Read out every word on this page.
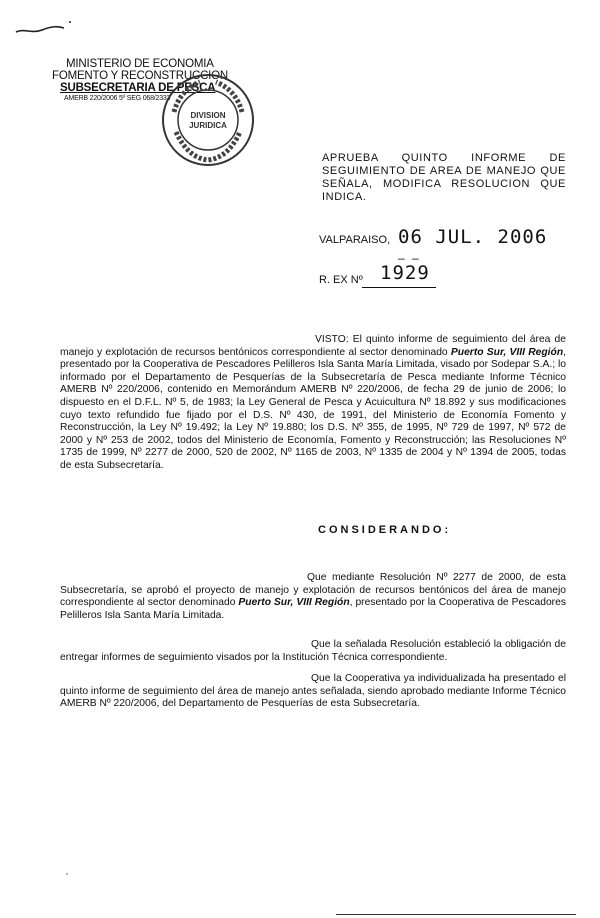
MINISTERIO DE ECONOMIA
FOMENTO Y RECONSTRUCCION
SUBSECRETARIA DE PESCA
AMERB 220/2006 5º SEG 068/2333
DIVISION
JURIDICA
APRUEBA QUINTO INFORME DE
SEGUIMIENTO DE AREA DE MANEJO QUE
SEÑALA, MODIFICA RESOLUCION QUE
INDICA.
VALPARAISO, 06 JUL. 2006
– –
R. EX Nº 1929
VISTO: El quinto informe de seguimiento del área de manejo y explotación de recursos bentónicos correspondiente al sector denominado Puerto Sur, VIII Región, presentado por la Cooperativa de Pescadores Pelilleros Isla Santa María Limitada, visado por Sodepar S.A.; lo informado por el Departamento de Pesquerías de la Subsecretaría de Pesca mediante Informe Técnico AMERB Nº 220/2006, contenido en Memorándum AMERB Nº 220/2006, de fecha 29 de junio de 2006; lo dispuesto en el D.F.L. Nº 5, de 1983; la Ley General de Pesca y Acuicultura Nº 18.892 y sus modificaciones cuyo texto refundido fue fijado por el D.S. Nº 430, de 1991, del Ministerio de Economía Fomento y Reconstrucción, la Ley Nº 19.492; la Ley Nº 19.880; los D.S. Nº 355, de 1995, Nº 729 de 1997, Nº 572 de 2000 y Nº 253 de 2002, todos del Ministerio de Economía, Fomento y Reconstrucción; las Resoluciones Nº 1735 de 1999, Nº 2277 de 2000, 520 de 2002, Nº 1165 de 2003, Nº 1335 de 2004 y Nº 1394 de 2005, todas de esta Subsecretaría.
CONSIDERANDO:
Que mediante Resolución Nº 2277 de 2000, de esta Subsecretaría, se aprobó el proyecto de manejo y explotación de recursos bentónicos del área de manejo correspondiente al sector denominado Puerto Sur, VIII Región, presentado por la Cooperativa de Pescadores Pelilleros Isla Santa María Limitada.
Que la señalada Resolución estableció la obligación de entregar informes de seguimiento visados por la Institución Técnica correspondiente.
Que la Cooperativa ya individualizada ha presentado el quinto informe de seguimiento del área de manejo antes señalada, siendo aprobado mediante Informe Técnico AMERB Nº 220/2006, del Departamento de Pesquerías de esta Subsecretaría.
ʼ
